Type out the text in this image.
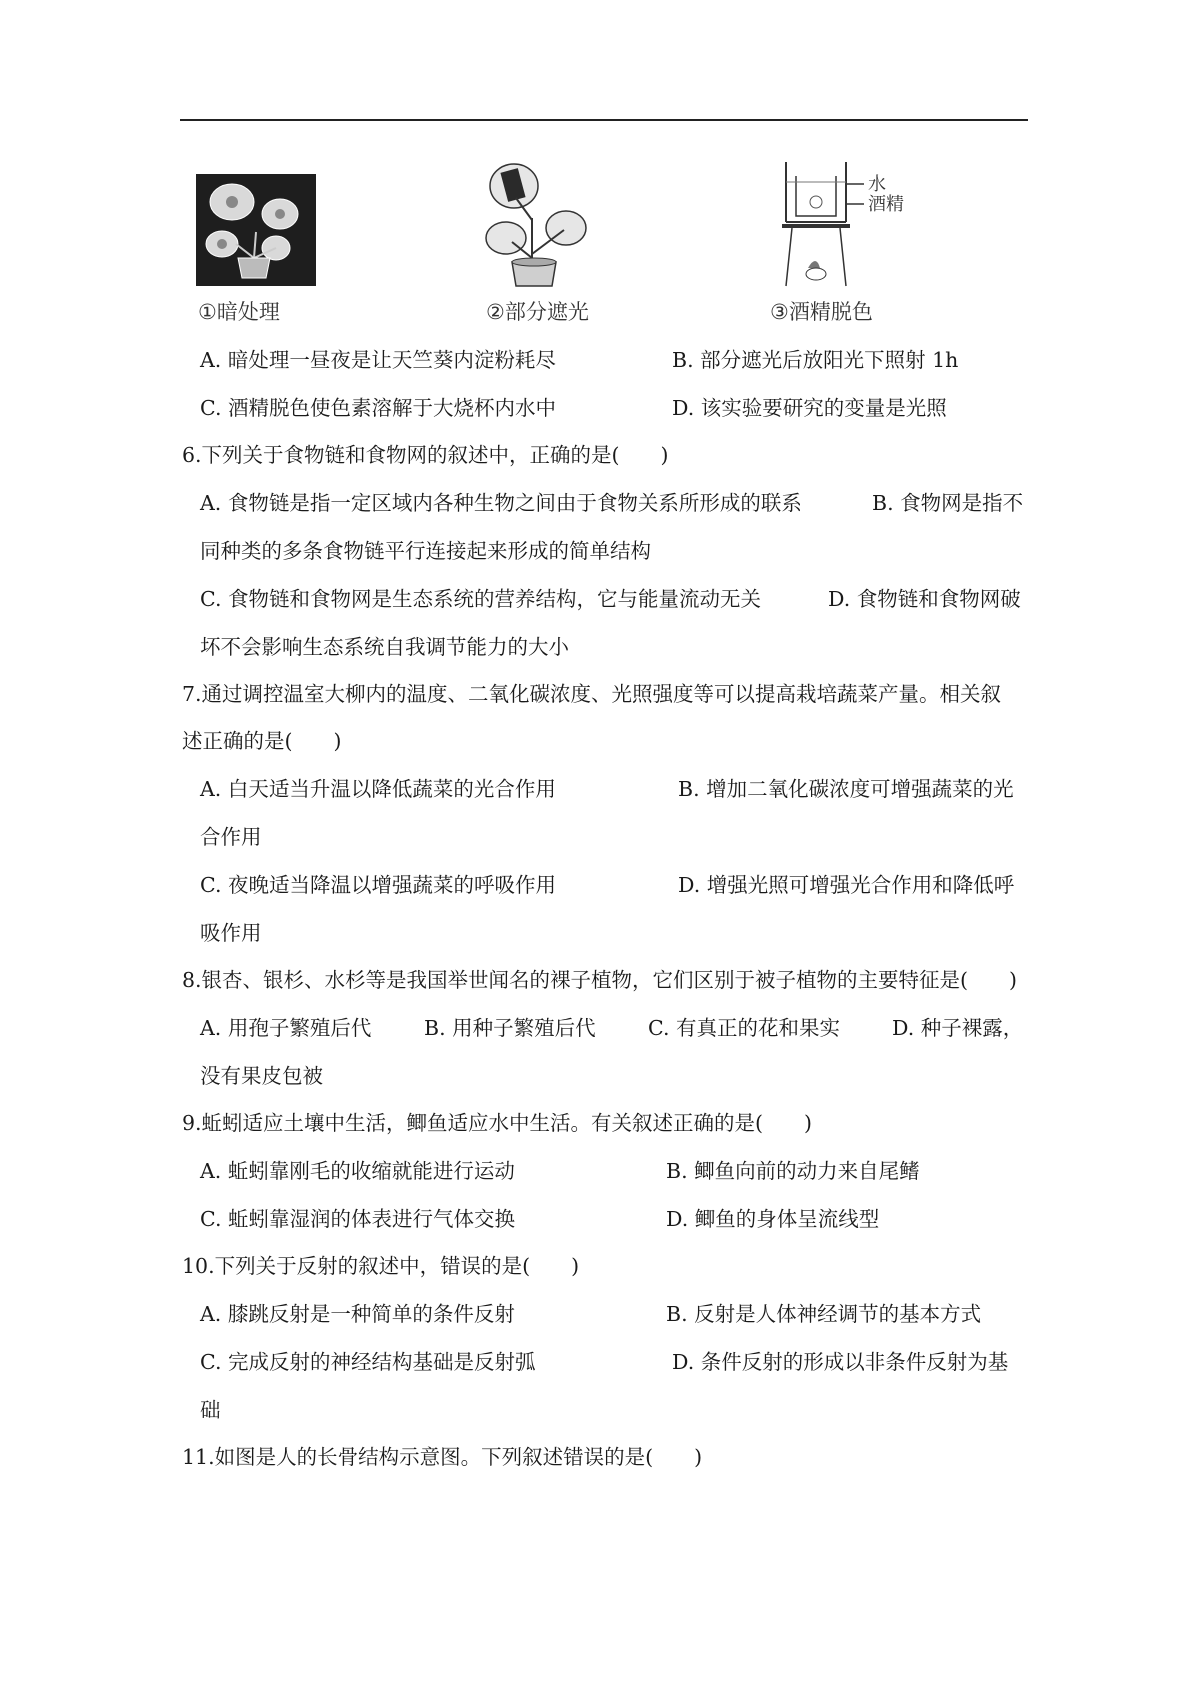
①暗处理	②部分遮光
水
酒精
③酒精脱色
A. 暗处理一昼夜是让天竺葵内淀粉耗尽	B. 部分遮光后放阳光下照射 1h
C. 酒精脱色使色素溶解于大烧杯内水中	D. 该实验要研究的变量是光照
6.下列关于食物链和食物网的叙述中，正确的是(　　)
A. 食物链是指一定区域内各种生物之间由于食物关系所形成的联系	B. 食物网是指不
同种类的多条食物链平行连接起来形成的简单结构
C. 食物链和食物网是生态系统的营养结构，它与能量流动无关	D. 食物链和食物网破
坏不会影响生态系统自我调节能力的大小
7.通过调控温室大柳内的温度、二氧化碳浓度、光照强度等可以提高栽培蔬菜产量。相关叙
述正确的是(　　)
A. 白天适当升温以降低蔬菜的光合作用	B. 增加二氧化碳浓度可增强蔬菜的光
合作用
C. 夜晚适当降温以增强蔬菜的呼吸作用	D. 增强光照可增强光合作用和降低呼
吸作用
8.银杏、银杉、水杉等是我国举世闻名的裸子植物，它们区别于被子植物的主要特征是(　　)
A. 用孢子繁殖后代	B. 用种子繁殖后代	C. 有真正的花和果实	D. 种子裸露，
没有果皮包被
9.蚯蚓适应土壤中生活，鲫鱼适应水中生活。有关叙述正确的是(　　)
A. 蚯蚓靠刚毛的收缩就能进行运动	B. 鲫鱼向前的动力来自尾鳍
C. 蚯蚓靠湿润的体表进行气体交换	D. 鲫鱼的身体呈流线型
10.下列关于反射的叙述中，错误的是(　　)
A. 膝跳反射是一种简单的条件反射	B. 反射是人体神经调节的基本方式
C. 完成反射的神经结构基础是反射弧	D. 条件反射的形成以非条件反射为基
础
11.如图是人的长骨结构示意图。下列叙述错误的是(　　)
